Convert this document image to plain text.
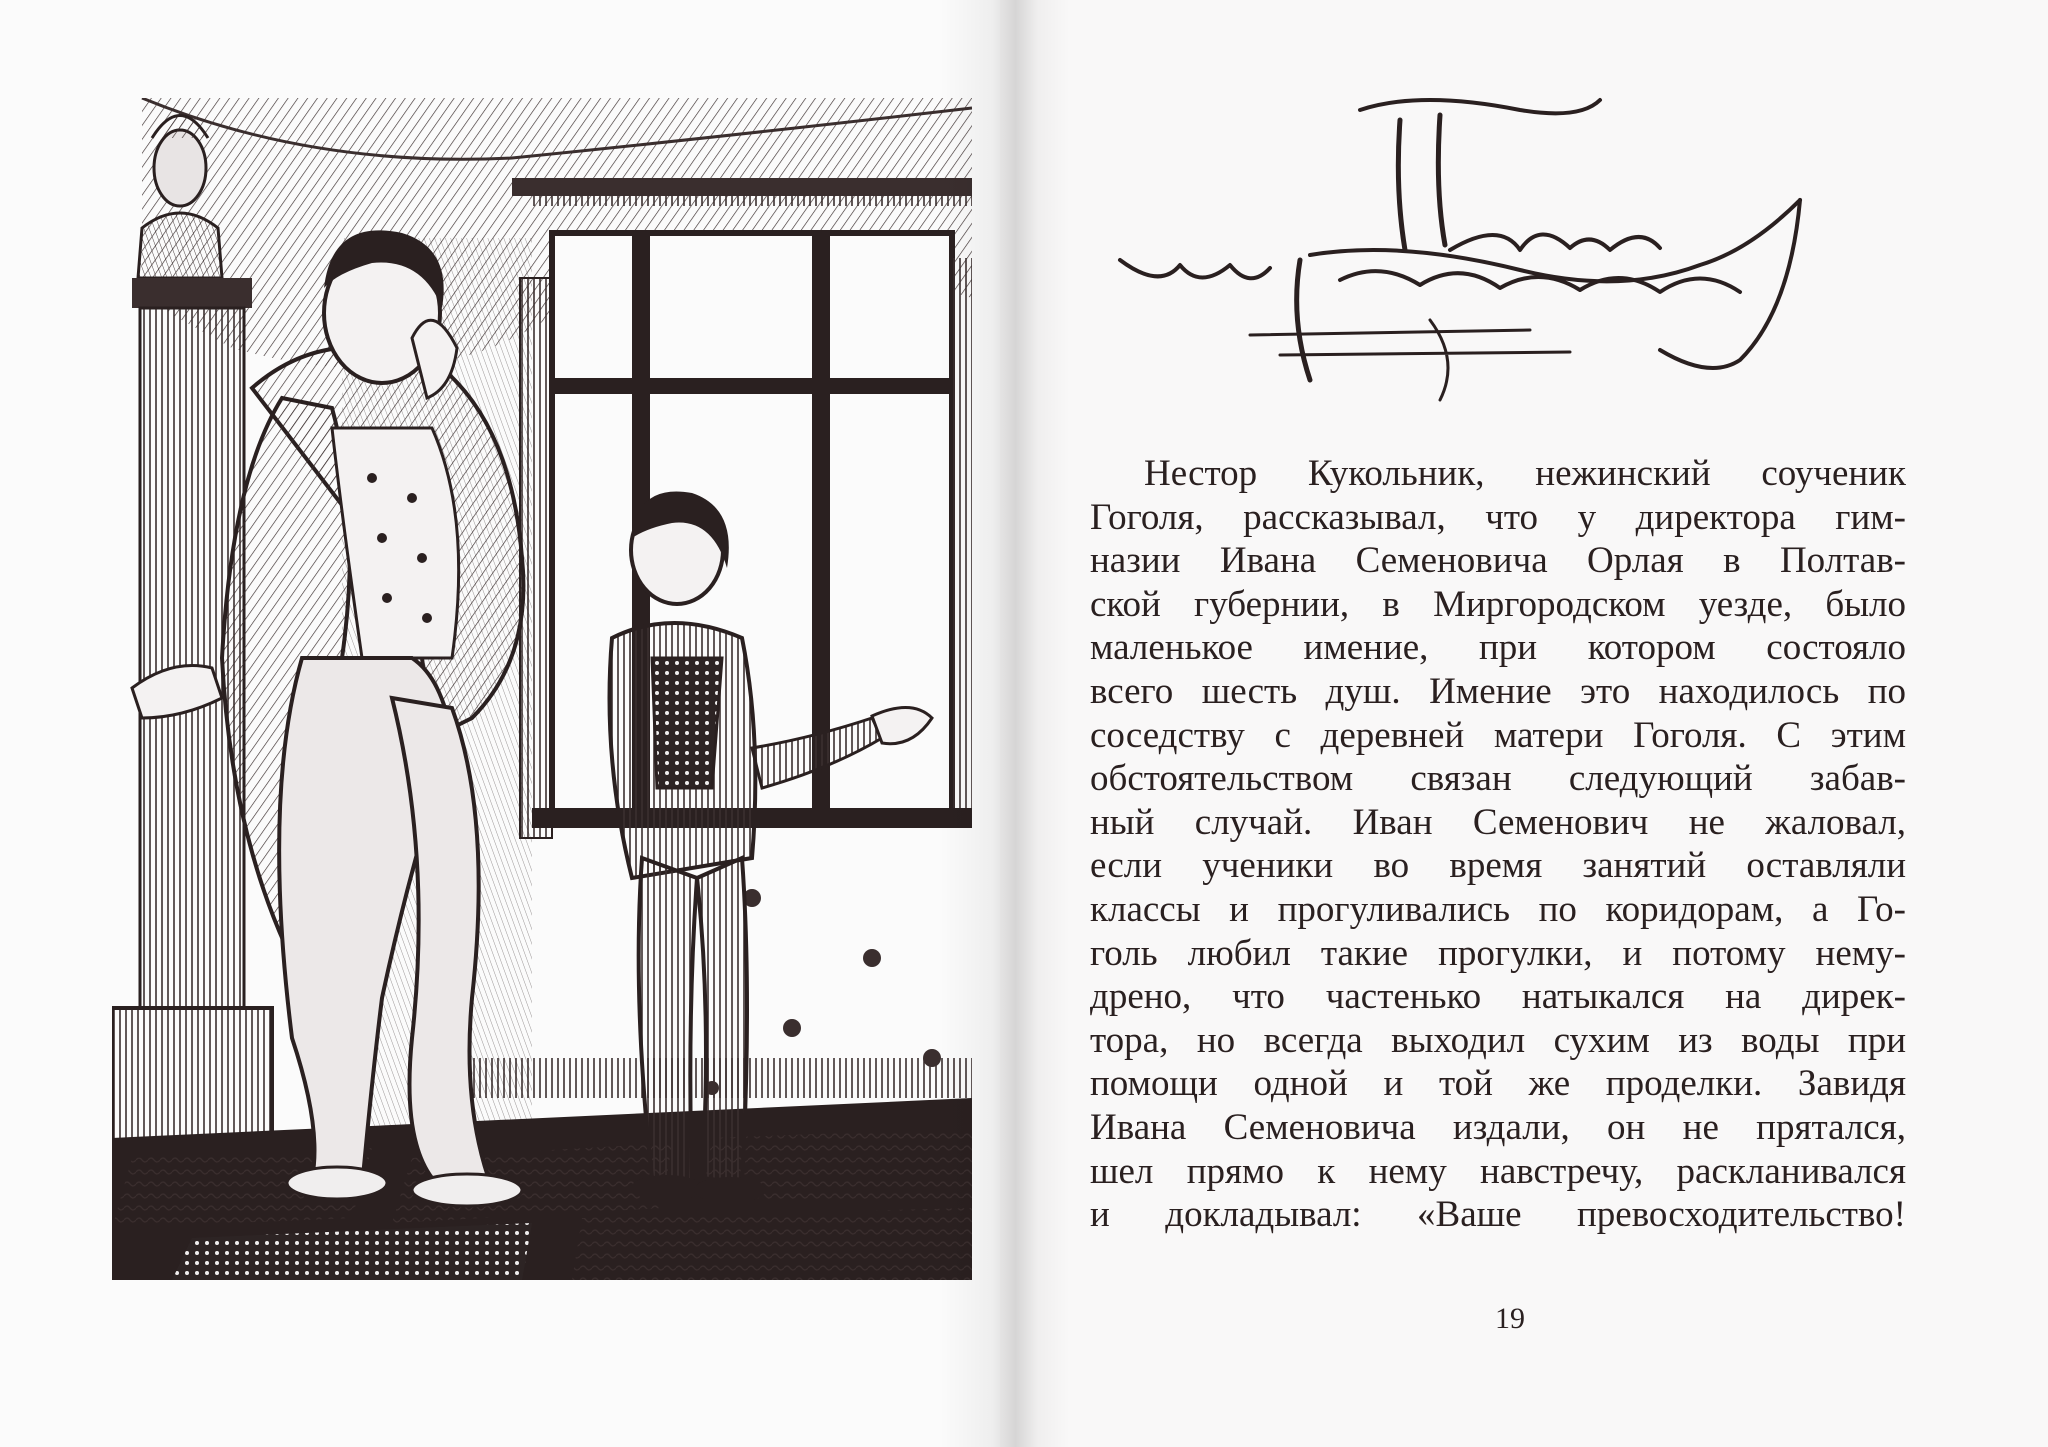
Нестор Кукольник, нежинский соученик
Гоголя, рассказывал, что у директора гим-
назии Ивана Семеновича Орлая в Полтав-
ской губернии, в Миргородском уезде, было
маленькое имение, при котором состояло
всего шесть душ. Имение это находилось по
соседству с деревней матери Гоголя. С этим
обстоятельством связан следующий забав-
ный случай. Иван Семенович не жаловал,
если ученики во время занятий оставляли
классы и прогуливались по коридорам, а Го-
голь любил такие прогулки, и потому нему-
дрено, что частенько натыкался на дирек-
тора, но всегда выходил сухим из воды при
помощи одной и той же проделки. Завидя
Ивана Семеновича издали, он не прятался,
шел прямо к нему навстречу, раскланивался
и докладывал: «Ваше превосходительство!

19
